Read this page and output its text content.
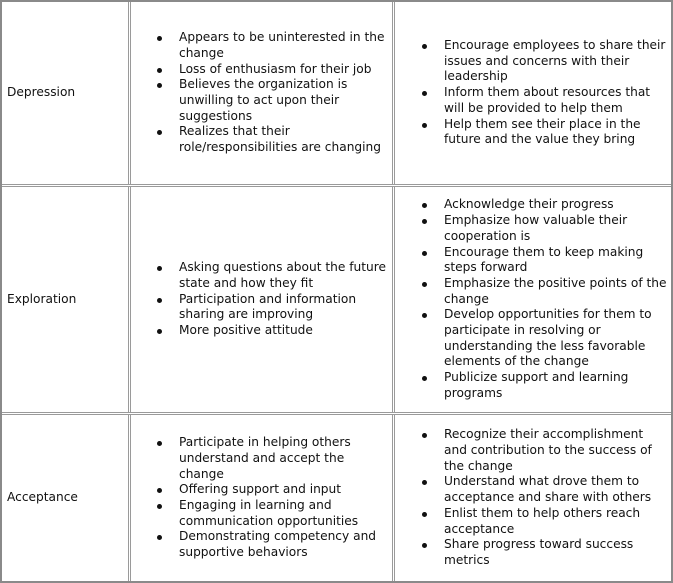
Depression
Appears to be uninterested in the change
Loss of enthusiasm for their job
Believes the organization is unwilling to act upon their suggestions
Realizes that their role/responsibilities are changing
Encourage employees to share their issues and concerns with their leadership
Inform them about resources that will be provided to help them
Help them see their place in the future and the value they bring
Exploration
Asking questions about the future state and how they fit
Participation and information sharing are improving
More positive attitude
Acknowledge their progress
Emphasize how valuable their cooperation is
Encourage them to keep making steps forward
Emphasize the positive points of the change
Develop opportunities for them to participate in resolving or understanding the less favorable elements of the change
Publicize support and learning programs
Acceptance
Participate in helping others understand and accept the change
Offering support and input
Engaging in learning and communication opportunities
Demonstrating competency and supportive behaviors
Recognize their accomplishment and contribution to the success of the change
Understand what drove them to acceptance and share with others
Enlist them to help others reach acceptance
Share progress toward success metrics
